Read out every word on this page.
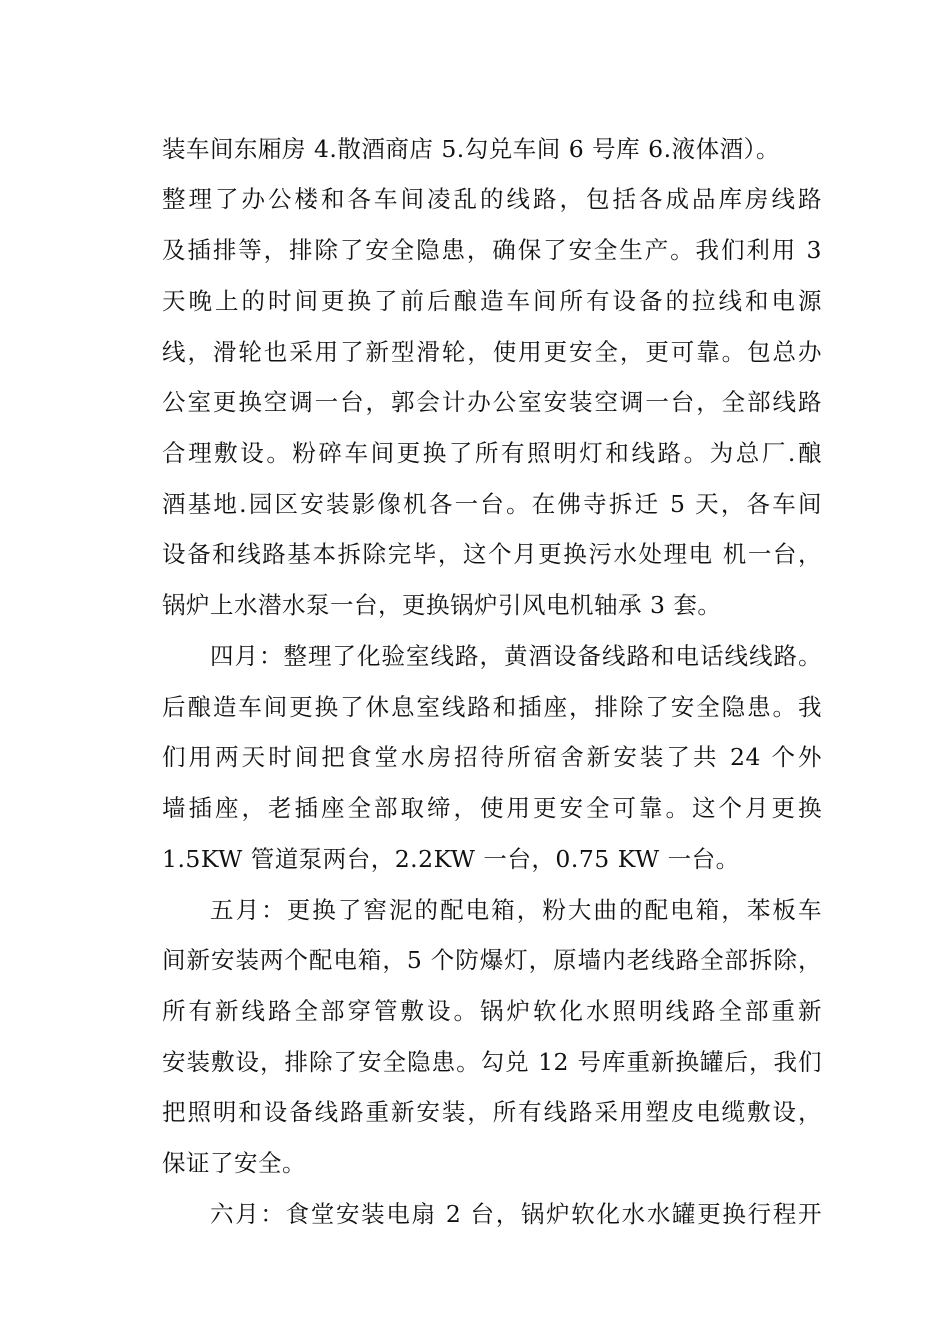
装车间东厢房 4.散酒商店 5.勾兑车间 6 号库 6.液体酒）。
整理了办公楼和各车间凌乱的线路，包括各成品库房线路
及插排等，排除了安全隐患，确保了安全生产。我们利用 3
天晚上的时间更换了前后酿造车间所有设备的拉线和电源
线，滑轮也采用了新型滑轮，使用更安全，更可靠。包总办
公室更换空调一台，郭会计办公室安装空调一台，全部线路
合理敷设。粉碎车间更换了所有照明灯和线路。为总厂.酿
酒基地.园区安装影像机各一台。在佛寺拆迁 5 天，各车间
设备和线路基本拆除完毕，这个月更换污水处理电 机一台，
锅炉上水潜水泵一台，更换锅炉引风电机轴承 3 套。
四月：整理了化验室线路，黄酒设备线路和电话线线路。
后酿造车间更换了休息室线路和插座，排除了安全隐患。我
们用两天时间把食堂水房招待所宿舍新安装了共 24 个外
墙插座，老插座全部取缔，使用更安全可靠。这个月更换
1.5KW 管道泵两台，2.2KW 一台，0.75 KW 一台。
五月：更换了窖泥的配电箱，粉大曲的配电箱，苯板车
间新安装两个配电箱，5 个防爆灯，原墙内老线路全部拆除，
所有新线路全部穿管敷设。锅炉软化水照明线路全部重新
安装敷设，排除了安全隐患。勾兑 12 号库重新换罐后，我们
把照明和设备线路重新安装，所有线路采用塑皮电缆敷设，
保证了安全。
六月：食堂安装电扇 2 台，锅炉软化水水罐更换行程开
